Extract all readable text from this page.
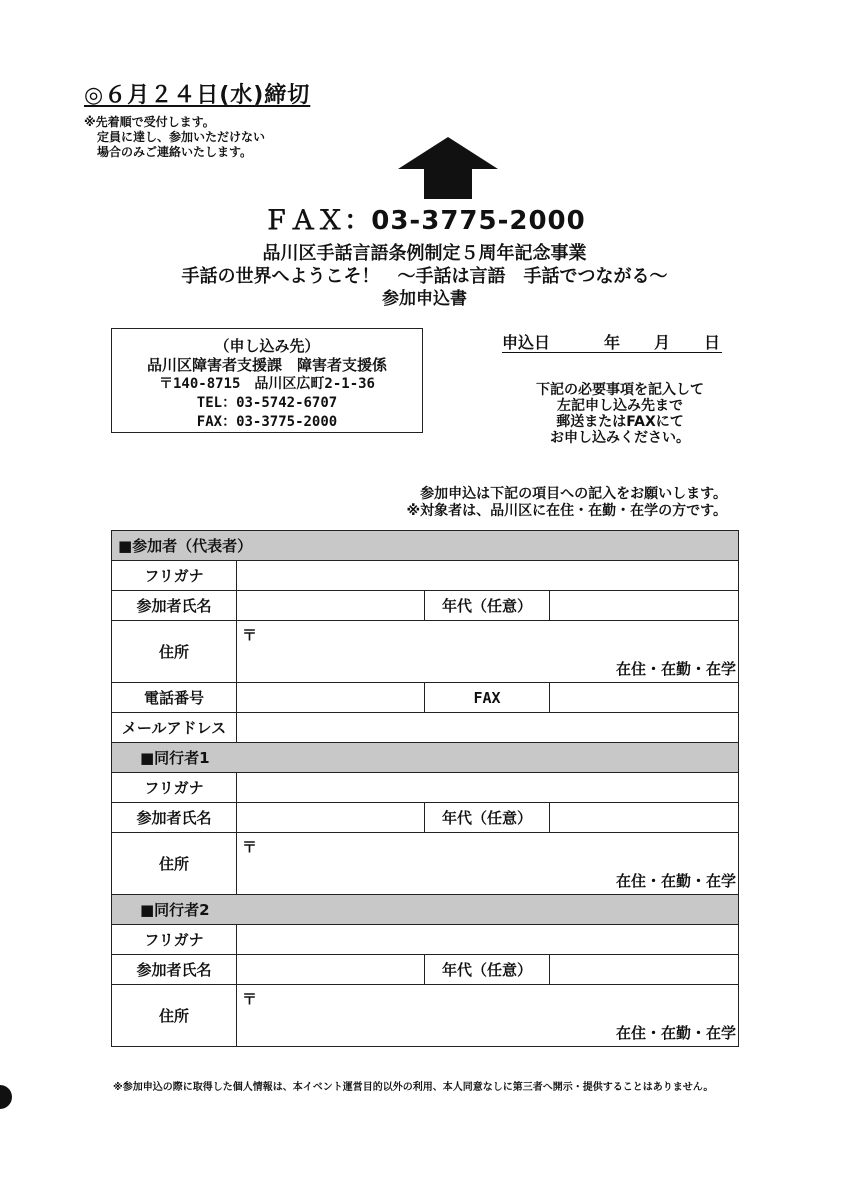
◎６月２４日(水)締切
※先着順で受付します。
定員に達し、参加いただけない
場合のみご連絡いたします。
ＦＡＸ：03-3775-2000
品川区手話言語条例制定５周年記念事業
手話の世界へようこそ！　～手話は言語　手話でつながる～
参加申込書
（申し込み先）
品川区障害者支援課　障害者支援係
〒140-8715　品川区広町2-1-36
TEL：03-5742-6707
FAX：03-3775-2000
申込日	年 月 日
下記の必要事項を記入して
左記申し込み先まで
郵送またはFAXにて
お申し込みください。
参加申込は下記の項目への記入をお願いします。
※対象者は、品川区に在住・在勤・在学の方です。
■参加者（代表者）			
フリガナ			
参加者氏名		年代（任意）	
住所	〒
在住・在勤・在学		

電話番号		FAX	
メールアドレス			
■同行者1			
フリガナ			
参加者氏名		年代（任意）	
住所	〒
在住・在勤・在学		

■同行者2			
フリガナ			
参加者氏名		年代（任意）	
住所	〒
在住・在勤・在学		
※参加申込の際に取得した個人情報は、本イベント運営目的以外の利用、本人同意なしに第三者へ開示・提供することはありません。
